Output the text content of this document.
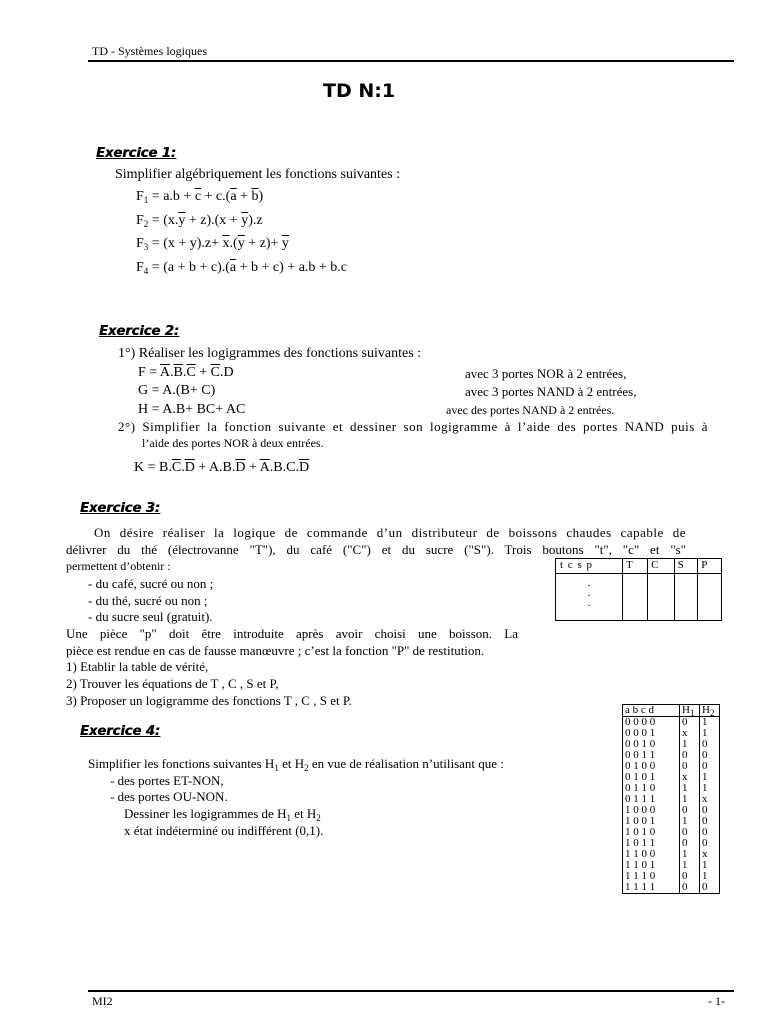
TD - Systèmes logiques
TD N:1
Exercice 1:
Simplifier algébriquement les fonctions suivantes :
$F_1 = a.b + \overline{c} + c.(\overline{a} + \overline{b})$
$F_2 = (x.\overline{y} + z).(x + \overline{y}).z$
$F_3 = (x + y).z+ \overline{x}.(\overline{y} + z)+ \overline{y}$
$F_4 = (a + b + c).(\overline{a} + b + c) + a.b + b.c$
Exercice 2:
1°) Réaliser les logigrammes des fonctions suivantes :
$F = \overline{A}.\overline{B}.\overline{C} + \overline{C}.D$	avec 3 portes NOR à 2 entrées,
G = A.(B+ C)	avec 3 portes NAND à 2 entrées,
H = A.B+ BC+ AC	avec des portes NAND à 2 entrées.
2°) Simplifier la fonction suivante et dessiner son logigramme à l’aide des portes NAND puis à
l’aide des portes NOR à deux entrées.
$K = B.\overline{C}.\overline{D} + A.B.\overline{D} + \overline{A}.B.C.\overline{D}$
Exercice 3:
On désire réaliser la logique de commande d’un distributeur de boissons chaudes capable de
délivrer du thé (électrovanne "T"), du café ("C") et du sucre ("S"). Trois boutons "t", "c" et "s"
permettent d’obtenir :
- du café, sucré ou non ;
- du thé, sucré ou non ;
- du sucre seul (gratuit).
Une pièce "p" doit être introduite après avoir choisi une boisson. La
pièce est rendue en cas de fausse manœuvre ; c’est la fonction "P" de restitution.
1) Etablir la table de vérité,
2) Trouver les équations de T , C , S et P,
3) Proposer un logigramme des fonctions T , C , S et P.
t c s p	T	C	S	P
.
.
.				
Exercice 4:
Simplifier les fonctions suivantes $H_1$ et $H_2$ en vue de réalisation n’utilisant que :
- des portes ET-NON,
- des portes OU-NON.
Dessiner les logigrammes de $H_1$ et $H_2$
x état indéterminé ou indifférent (0,1).
a b c d	$H_1$	$H_2$
0 0 0 0	0	1
0 0 0 1	x	1
0 0 1 0	1	0
0 0 1 1	0	0
0 1 0 0	0	0
0 1 0 1	x	1
0 1 1 0	1	1
0 1 1 1	1	x
1 0 0 0	0	0
1 0 0 1	1	0
1 0 1 0	0	0
1 0 1 1	0	0
1 1 0 0	1	x
1 1 0 1	1	1
1 1 1 0	0	1
1 1 1 1	0	0
MI2	- 1-
